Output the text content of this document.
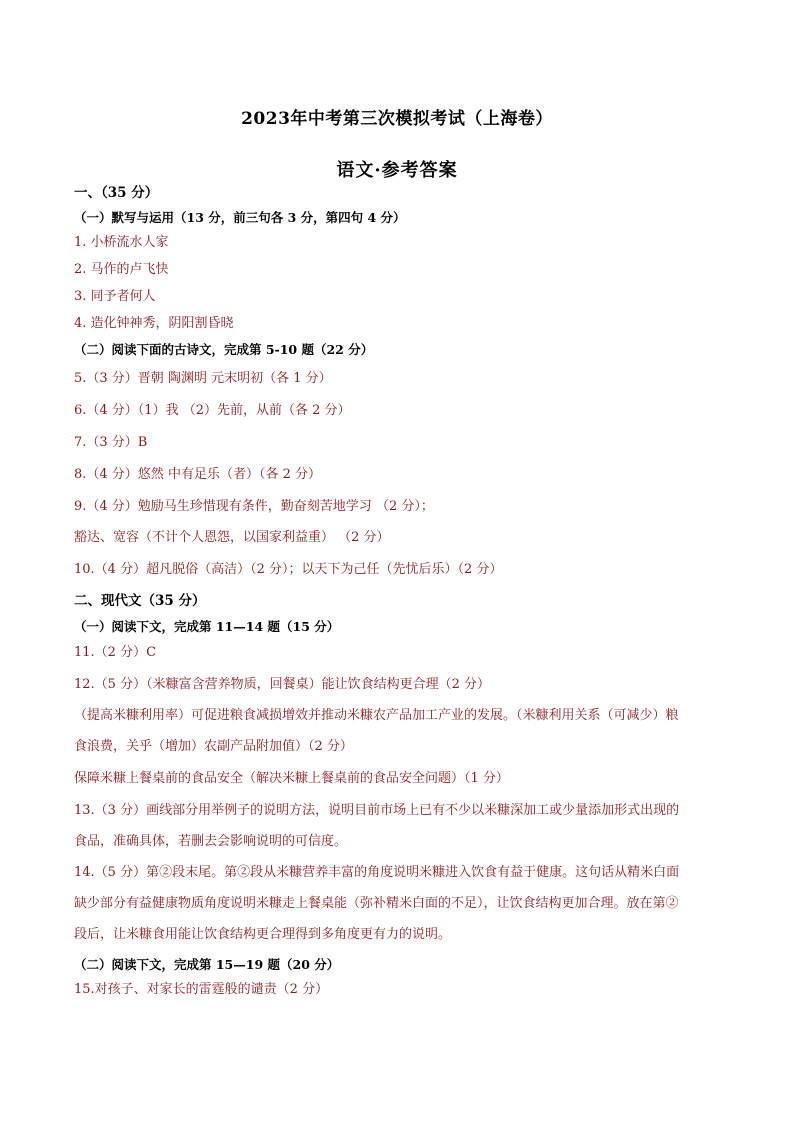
2023年中考第三次模拟考试（上海卷）
语文·参考答案
一、（35 分）
（一）默写与运用（13 分，前三句各 3 分，第四句 4 分）
1. 小桥流水人家
2. 马作的卢飞快
3. 同予者何人
4. 造化钟神秀，阴阳割昏晓
（二）阅读下面的古诗文，完成第 5-10 题（22 分）
5.（3 分）晋朝 陶渊明 元末明初（各 1 分）
6.（4 分）（1）我 （2）先前，从前（各 2 分）
7.（3 分）B
8.（4 分）悠然 中有足乐（者）（各 2 分）
9.（4 分）勉励马生珍惜现有条件，勤奋刻苦地学习 （2 分）；
豁达、宽容（不计个人恩怨，以国家利益重） （2 分）
10.（4 分）超凡脱俗（高洁）（2 分）；以天下为己任（先忧后乐）（2 分）
二、现代文（35 分）
（一）阅读下文，完成第 11—14 题（15 分）
11.（2 分）C
12.（5 分）（米糠富含营养物质，回餐桌）能让饮食结构更合理（2 分）
（提高米糠利用率）可促进粮食减损增效并推动米糠农产品加工产业的发展。（米糠利用关系（可减少）粮
食浪费，关乎（增加）农副产品附加值）（2 分）
保障米糠上餐桌前的食品安全（解决米糠上餐桌前的食品安全问题）（1 分）
13.（3 分）画线部分用举例子的说明方法，说明目前市场上已有不少以米糠深加工或少量添加形式出现的
食品，准确具体，若删去会影响说明的可信度。
14.（5 分）第②段末尾。第②段从米糠营养丰富的角度说明米糠进入饮食有益于健康。这句话从精米白面
缺少部分有益健康物质角度说明米糠走上餐桌能（弥补精米白面的不足），让饮食结构更加合理。放在第②
段后，让米糠食用能让饮食结构更合理得到多角度更有力的说明。
（二）阅读下文，完成第 15—19 题（20 分）
15.对孩子、对家长的雷霆般的谴责（2 分）
